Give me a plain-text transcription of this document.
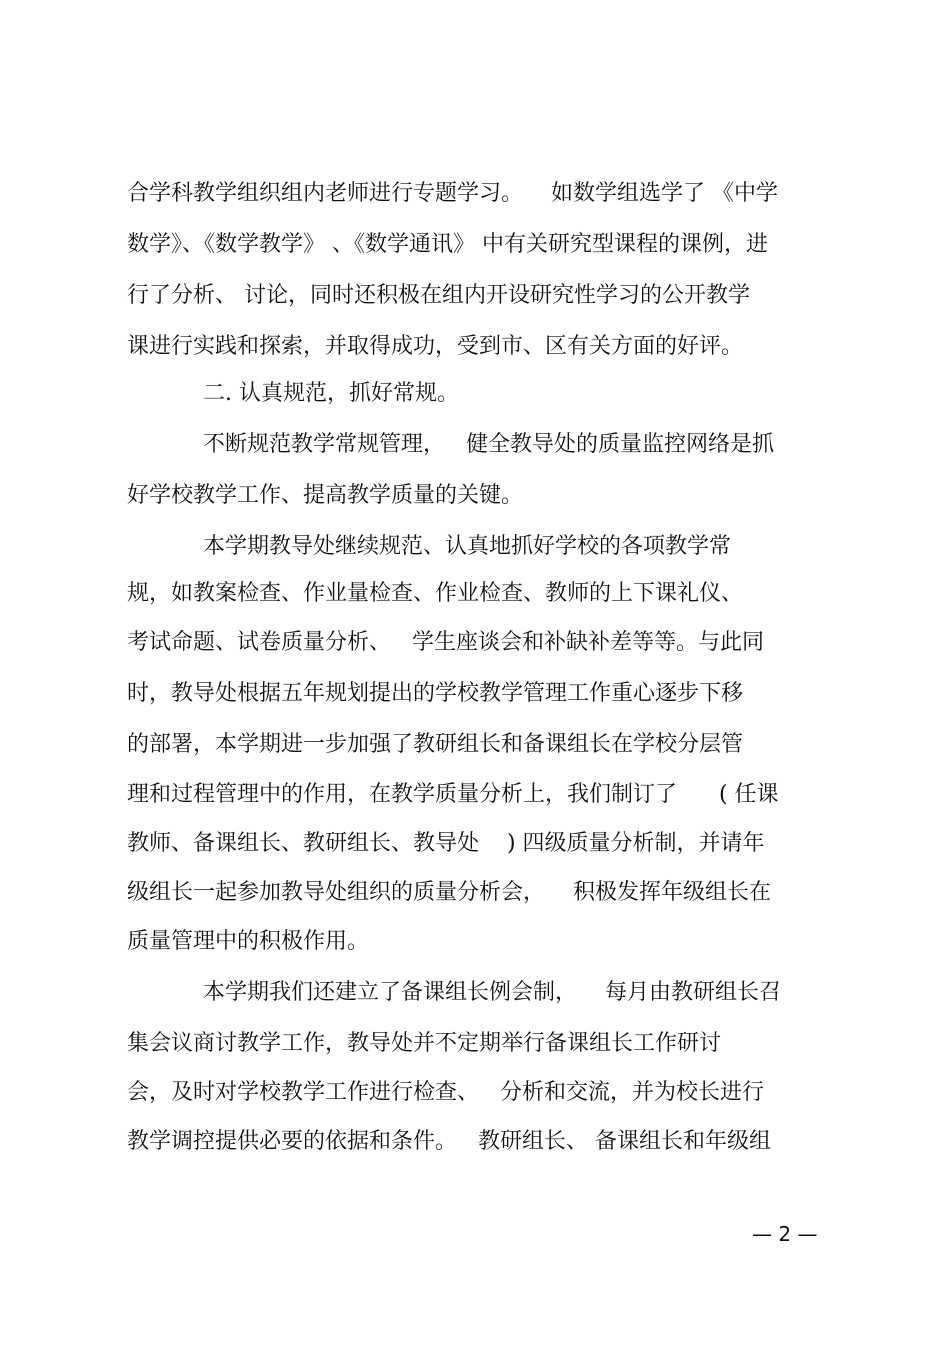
合学科教学组织组内老师进行专题学习。    如数学组选学了 《中学
数学》、《数学教学》 、《数学通讯》 中有关研究型课程的课例，进
行了分析、 讨论，同时还积极在组内开设研究性学习的公开教学
课进行实践和探索，并取得成功，受到市、区有关方面的好评。
二. 认真规范，抓好常规。
不断规范教学常规管理，   健全教导处的质量监控网络是抓
好学校教学工作、提高教学质量的关键。
本学期教导处继续规范、认真地抓好学校的各项教学常
规，如教案检查、作业量检查、作业检查、教师的上下课礼仪、
考试命题、试卷质量分析、   学生座谈会和补缺补差等等。与此同
时，教导处根据五年规划提出的学校教学管理工作重心逐步下移
的部署，本学期进一步加强了教研组长和备课组长在学校分层管
理和过程管理中的作用，在教学质量分析上，我们制订了      ( 任课
教师、备课组长、教研组长、教导处    ) 四级质量分析制，并请年
级组长一起参加教导处组织的质量分析会，    积极发挥年级组长在
质量管理中的积极作用。
本学期我们还建立了备课组长例会制，    每月由教研组长召
集会议商讨教学工作，教导处并不定期举行备课组长工作研讨
会，及时对学校教学工作进行检查、   分析和交流，并为校长进行
教学调控提供必要的依据和条件。   教研组长、 备课组长和年级组
— 2 —
